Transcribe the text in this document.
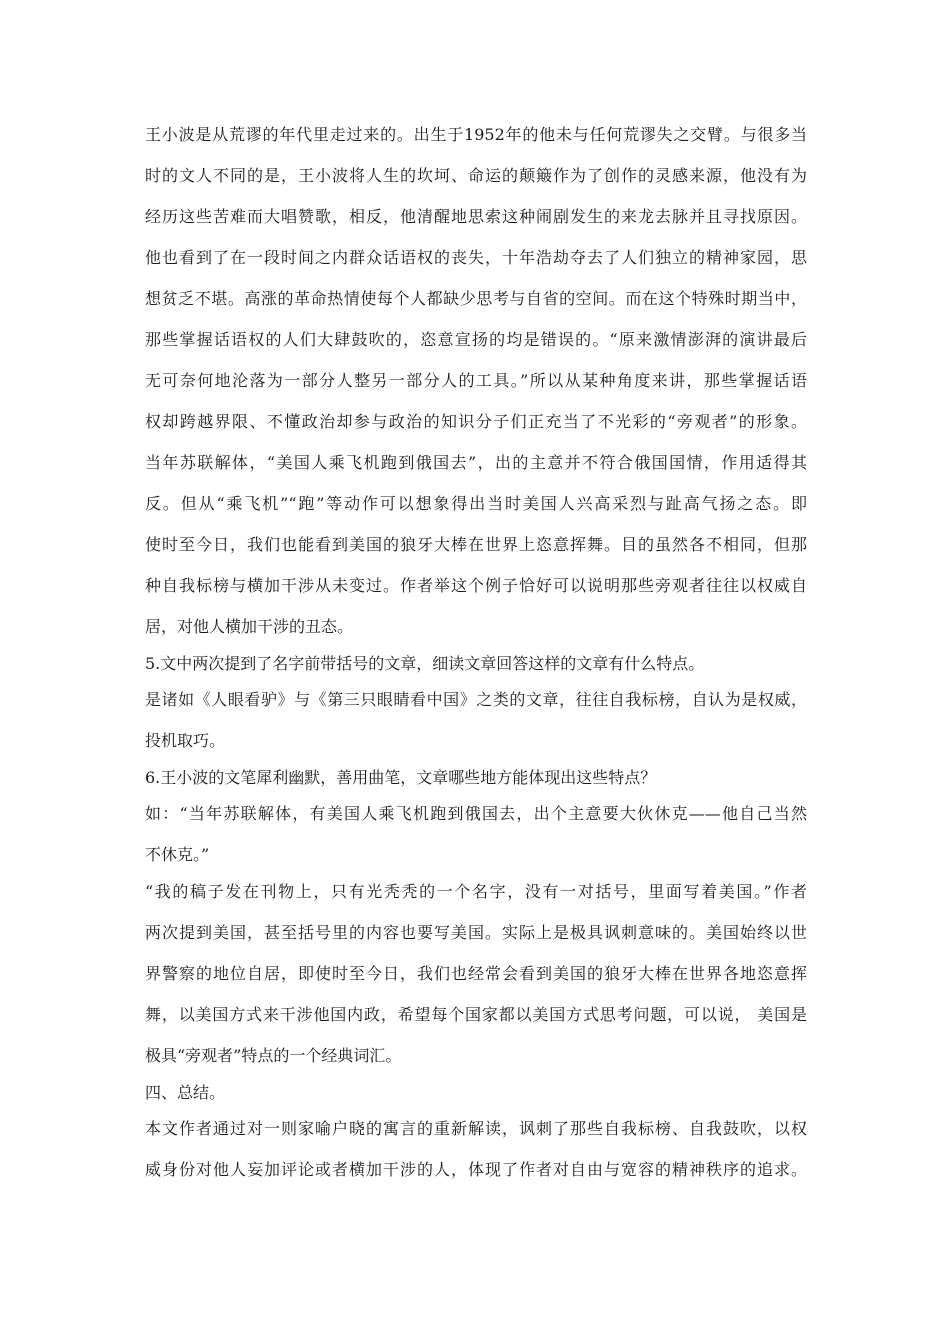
王小波是从荒谬的年代里走过来的。出生于1952年的他未与任何荒谬失之交臂。与很多当
时的文人不同的是，王小波将人生的坎坷、命运的颠簸作为了创作的灵感来源，他没有为
经历这些苦难而大唱赞歌，相反，他清醒地思索这种闹剧发生的来龙去脉并且寻找原因。
他也看到了在一段时间之内群众话语权的丧失，十年浩劫夺去了人们独立的精神家园，思
想贫乏不堪。高涨的革命热情使每个人都缺少思考与自省的空间。而在这个特殊时期当中，
那些掌握话语权的人们大肆鼓吹的，恣意宣扬的均是错误的。“原来激情澎湃的演讲最后
无可奈何地沦落为一部分人整另一部分人的工具。”所以从某种角度来讲，那些掌握话语
权却跨越界限、不懂政治却参与政治的知识分子们正充当了不光彩的“旁观者”的形象。
当年苏联解体，“美国人乘飞机跑到俄国去”，出的主意并不符合俄国国情，作用适得其
反。但从“乘飞机”“跑”等动作可以想象得出当时美国人兴高采烈与趾高气扬之态。即
使时至今日，我们也能看到美国的狼牙大棒在世界上恣意挥舞。目的虽然各不相同，但那
种自我标榜与横加干涉从未变过。作者举这个例子恰好可以说明那些旁观者往往以权威自
居，对他人横加干涉的丑态。
5.文中两次提到了名字前带括号的文章，细读文章回答这样的文章有什么特点。
是诸如《人眼看驴》与《第三只眼睛看中国》之类的文章，往往自我标榜，自认为是权威，
投机取巧。
6.王小波的文笔犀利幽默，善用曲笔，文章哪些地方能体现出这些特点？
如：“当年苏联解体，有美国人乘飞机跑到俄国去，出个主意要大伙休克——他自己当然
不休克。”
“我的稿子发在刊物上，只有光秃秃的一个名字，没有一对括号，里面写着美国。”作者
两次提到美国，甚至括号里的内容也要写美国。实际上是极具讽刺意味的。美国始终以世
界警察的地位自居，即使时至今日，我们也经常会看到美国的狼牙大棒在世界各地恣意挥
舞，以美国方式来干涉他国内政，希望每个国家都以美国方式思考问题，可以说， 美国是
极具“旁观者”特点的一个经典词汇。
四、总结。
本文作者通过对一则家喻户晓的寓言的重新解读，讽刺了那些自我标榜、自我鼓吹，以权
威身份对他人妄加评论或者横加干涉的人，体现了作者对自由与宽容的精神秩序的追求。
